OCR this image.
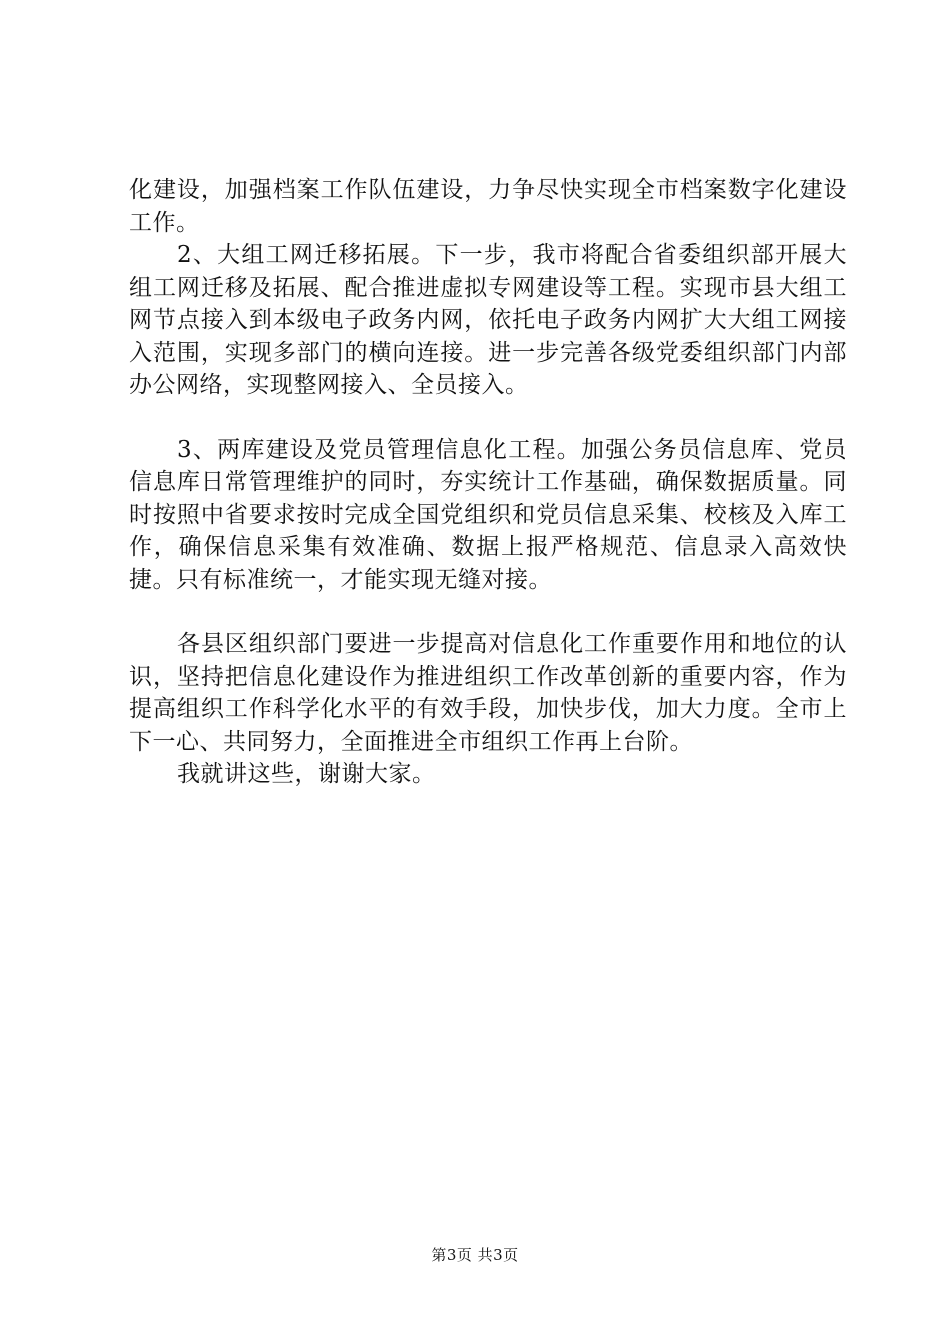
化建设，加强档案工作队伍建设，力争尽快实现全市档案数字化建设工作。

2、大组工网迁移拓展。下一步，我市将配合省委组织部开展大组工网迁移及拓展、配合推进虚拟专网建设等工程。实现市县大组工网节点接入到本级电子政务内网，依托电子政务内网扩大大组工网接入范围，实现多部门的横向连接。进一步完善各级党委组织部门内部办公网络，实现整网接入、全员接入。

3、两库建设及党员管理信息化工程。加强公务员信息库、党员信息库日常管理维护的同时，夯实统计工作基础，确保数据质量。同时按照中省要求按时完成全国党组织和党员信息采集、校核及入库工作，确保信息采集有效准确、数据上报严格规范、信息录入高效快捷。只有标准统一，才能实现无缝对接。

各县区组织部门要进一步提高对信息化工作重要作用和地位的认识，坚持把信息化建设作为推进组织工作改革创新的重要内容，作为提高组织工作科学化水平的有效手段，加快步伐，加大力度。全市上下一心、共同努力，全面推进全市组织工作再上台阶。

我就讲这些，谢谢大家。

第3页 共3页
